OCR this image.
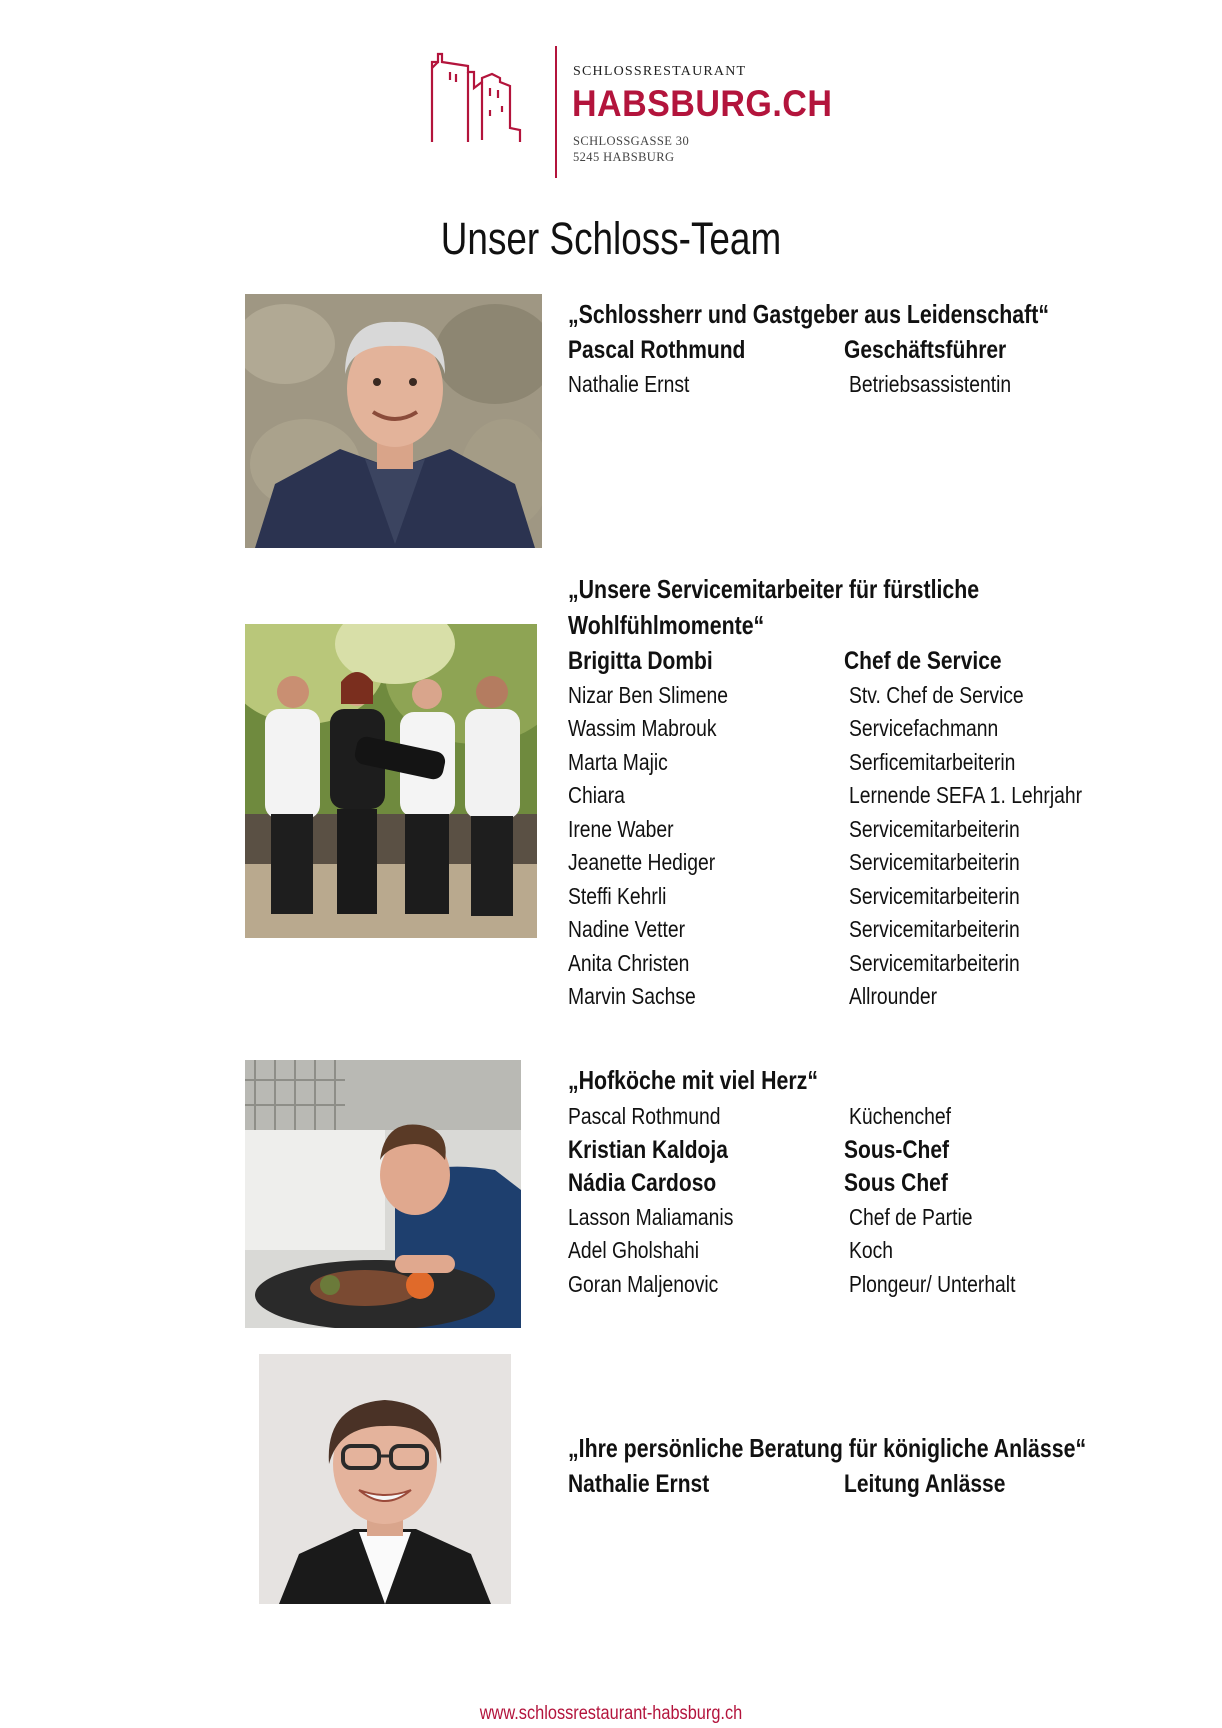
SCHLOSSRESTAURANT
HABSBURG.CH
SCHLOSSGASSE 30
5245 HABSBURG
Unser Schloss-Team
„Schlossherr und Gastgeber aus Leidenschaft“
Pascal Rothmund	Geschäftsführer
Nathalie Ernst	Betriebsassistentin
„Unsere Servicemitarbeiter für fürstliche
Wohlfühlmomente“
Brigitta Dombi	Chef de Service
Nizar Ben Slimene	Stv. Chef de Service
Wassim Mabrouk	Servicefachmann
Marta Majic	Serficemitarbeiterin
Chiara	Lernende SEFA 1. Lehrjahr
Irene Waber	Servicemitarbeiterin
Jeanette Hediger	Servicemitarbeiterin
Steffi Kehrli	Servicemitarbeiterin
Nadine Vetter	Servicemitarbeiterin
Anita Christen	Servicemitarbeiterin
Marvin Sachse	Allrounder
„Hofköche mit viel Herz“
Pascal Rothmund	Küchenchef
Kristian Kaldoja	Sous-Chef
Nádia Cardoso	Sous Chef
Lasson Maliamanis	Chef de Partie
Adel Gholshahi	Koch
Goran Maljenovic	Plongeur/ Unterhalt
„Ihre persönliche Beratung für königliche Anlässe“
Nathalie Ernst	Leitung Anlässe
www.schlossrestaurant-habsburg.ch
